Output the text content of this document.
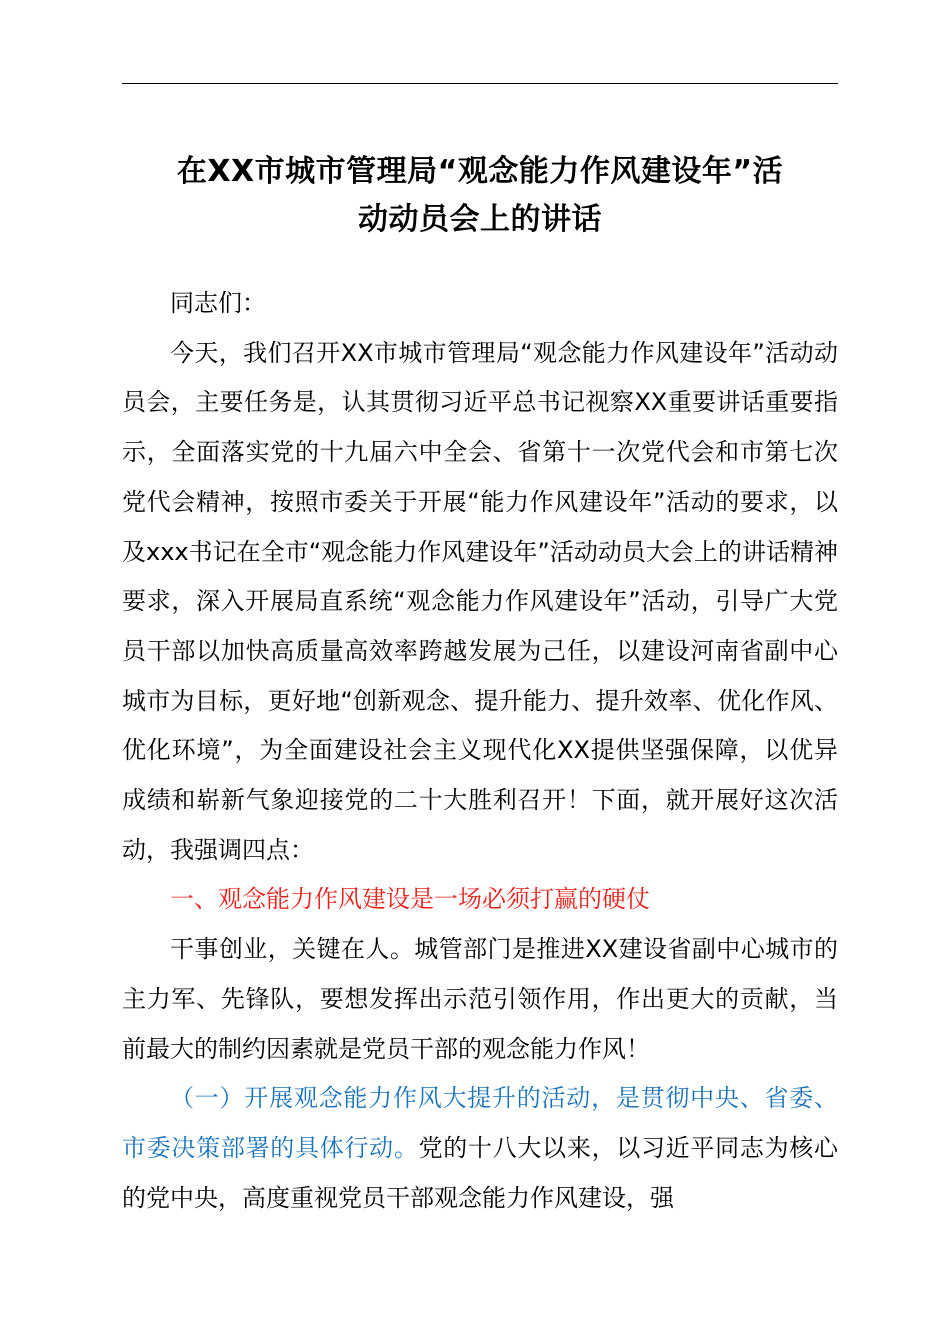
在XX市城市管理局“观念能力作风建设年”活
动动员会上的讲话

同志们：

今天，我们召开XX市城市管理局“观念能力作风建设年”活动动员会，主要任务是，认其贯彻习近平总书记视察XX重要讲话重要指示，全面落实党的十九届六中全会、省第十一次党代会和市第七次党代会精神，按照市委关于开展“能力作风建设年”活动的要求，以及xxx书记在全市“观念能力作风建设年”活动动员大会上的讲话精神要求，深入开展局直系统“观念能力作风建设年”活动，引导广大党员干部以加快高质量高效率跨越发展为己任，以建设河南省副中心城市为目标，更好地“创新观念、提升能力、提升效率、优化作风、优化环境”，为全面建设社会主义现代化XX提供坚强保障，以优异成绩和崭新气象迎接党的二十大胜利召开！下面，就开展好这次活动，我强调四点：

一、观念能力作风建设是一场必须打赢的硬仗

干事创业，关键在人。城管部门是推进XX建设省副中心城市的主力军、先锋队，要想发挥出示范引领作用，作出更大的贡献，当前最大的制约因素就是党员干部的观念能力作风！

（一）开展观念能力作风大提升的活动，是贯彻中央、省委、市委决策部署的具体行动。党的十八大以来，以习近平同志为核心的党中央，高度重视党员干部观念能力作风建设，强
